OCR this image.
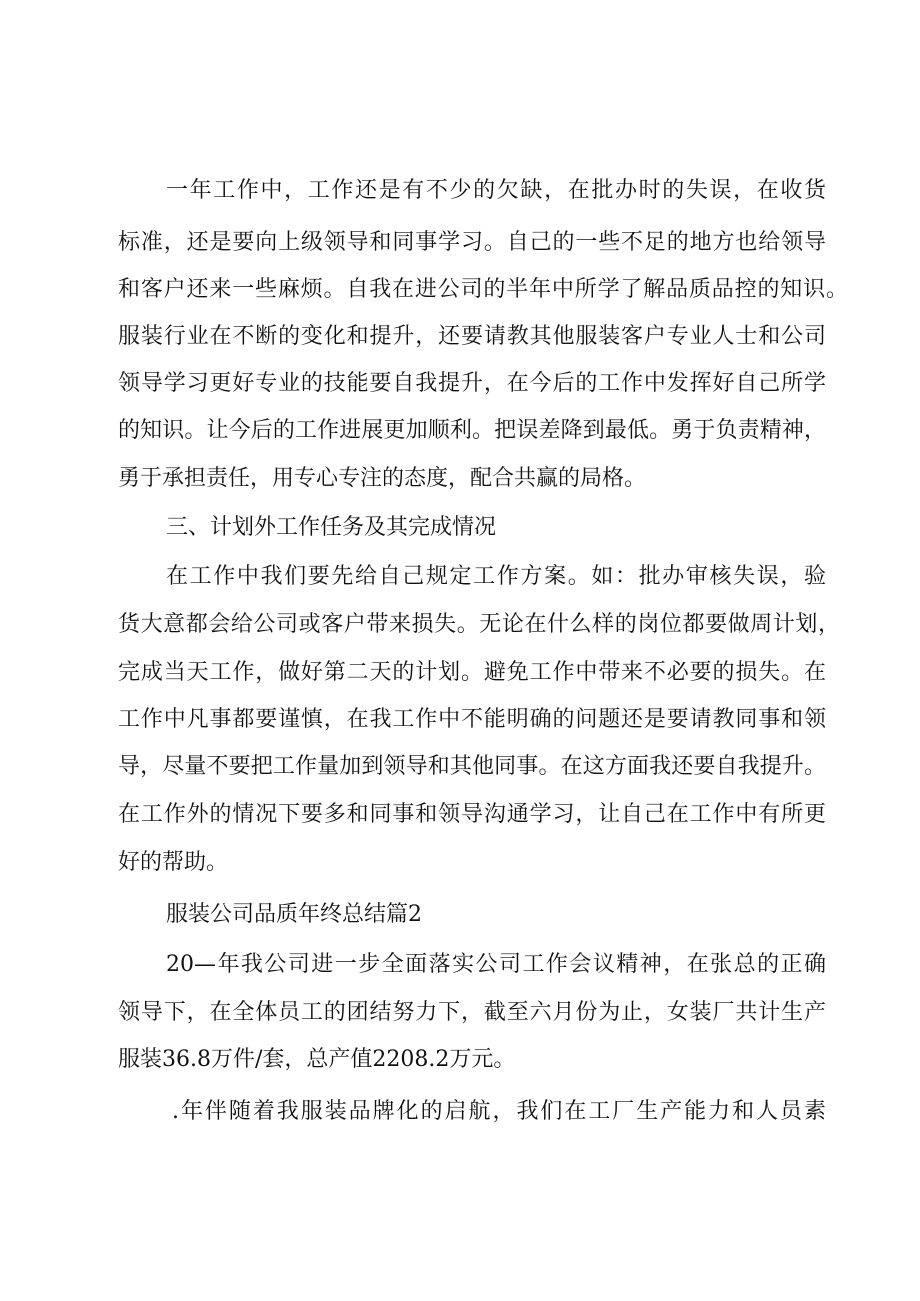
一年工作中，工作还是有不少的欠缺，在批办时的失误，在收货
标准，还是要向上级领导和同事学习。自己的一些不足的地方也给领导
和客户还来一些麻烦。自我在进公司的半年中所学了解品质品控的知识。
服装行业在不断的变化和提升，还要请教其他服装客户专业人士和公司
领导学习更好专业的技能要自我提升，在今后的工作中发挥好自己所学
的知识。让今后的工作进展更加顺利。把误差降到最低。勇于负责精神，
勇于承担责任，用专心专注的态度，配合共赢的局格。
三、计划外工作任务及其完成情况
在工作中我们要先给自己规定工作方案。如：批办审核失误，验
货大意都会给公司或客户带来损失。无论在什么样的岗位都要做周计划，
完成当天工作，做好第二天的计划。避免工作中带来不必要的损失。在
工作中凡事都要谨慎，在我工作中不能明确的问题还是要请教同事和领
导，尽量不要把工作量加到领导和其他同事。在这方面我还要自我提升。
在工作外的情况下要多和同事和领导沟通学习，让自己在工作中有所更
好的帮助。
服装公司品质年终总结篇2
20—年我公司进一步全面落实公司工作会议精神，在张总的正确
领导下，在全体员工的团结努力下，截至六月份为止，女装厂共计生产
服装36.8万件/套，总产值2208.2万元。
.年伴随着我服装品牌化的启航，我们在工厂生产能力和人员素
